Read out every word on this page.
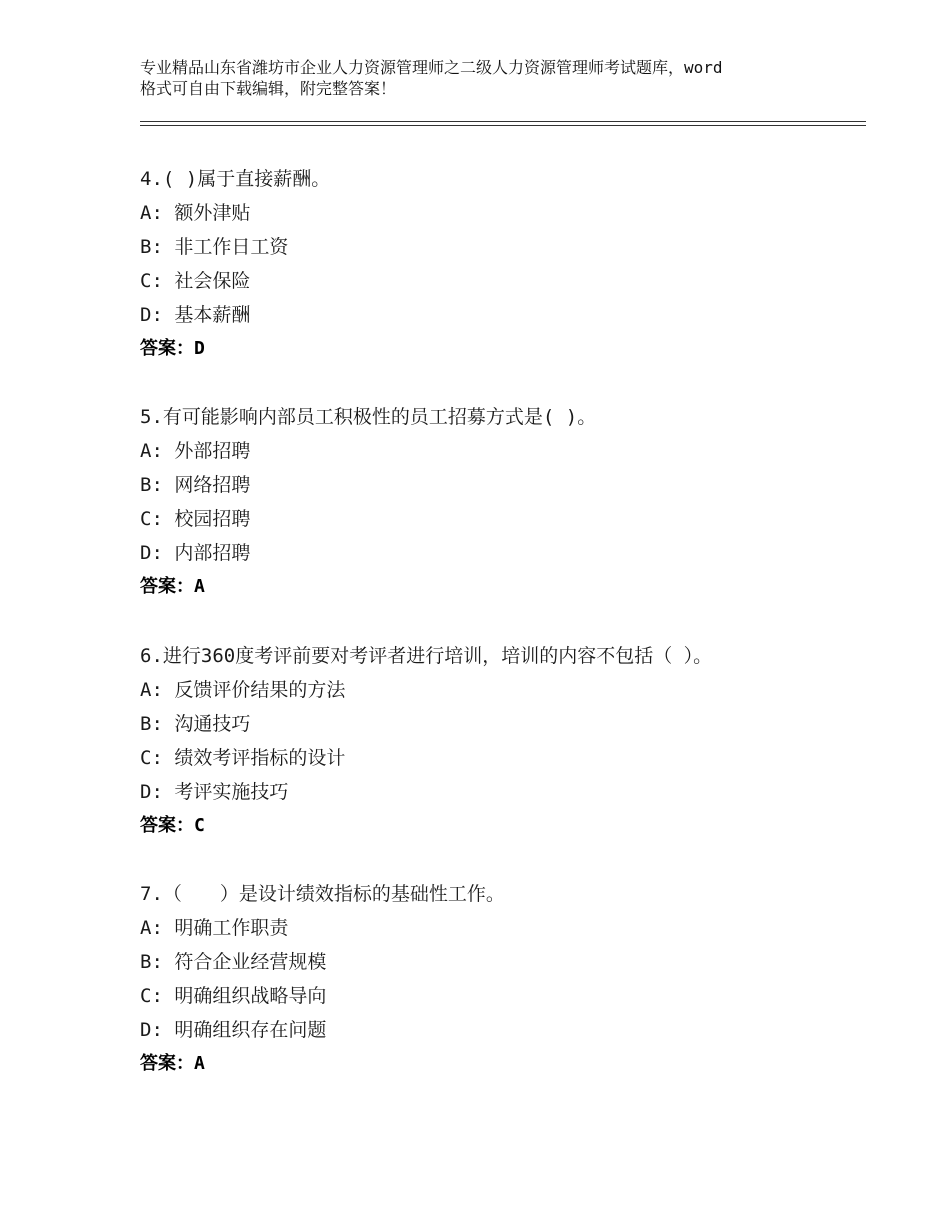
专业精品山东省潍坊市企业人力资源管理师之二级人力资源管理师考试题库，word
格式可自由下载编辑，附完整答案！
4.( )属于直接薪酬。
A: 额外津贴
B: 非工作日工资
C: 社会保险
D: 基本薪酬
答案：D
5.有可能影响内部员工积极性的员工招募方式是( )。
A: 外部招聘
B: 网络招聘
C: 校园招聘
D: 内部招聘
答案：A
6.进行360度考评前要对考评者进行培训，培训的内容不包括（ ）。
A: 反馈评价结果的方法
B: 沟通技巧
C: 绩效考评指标的设计
D: 考评实施技巧
答案：C
7.（　　）是设计绩效指标的基础性工作。
A: 明确工作职责
B: 符合企业经营规模
C: 明确组织战略导向
D: 明确组织存在问题
答案：A
